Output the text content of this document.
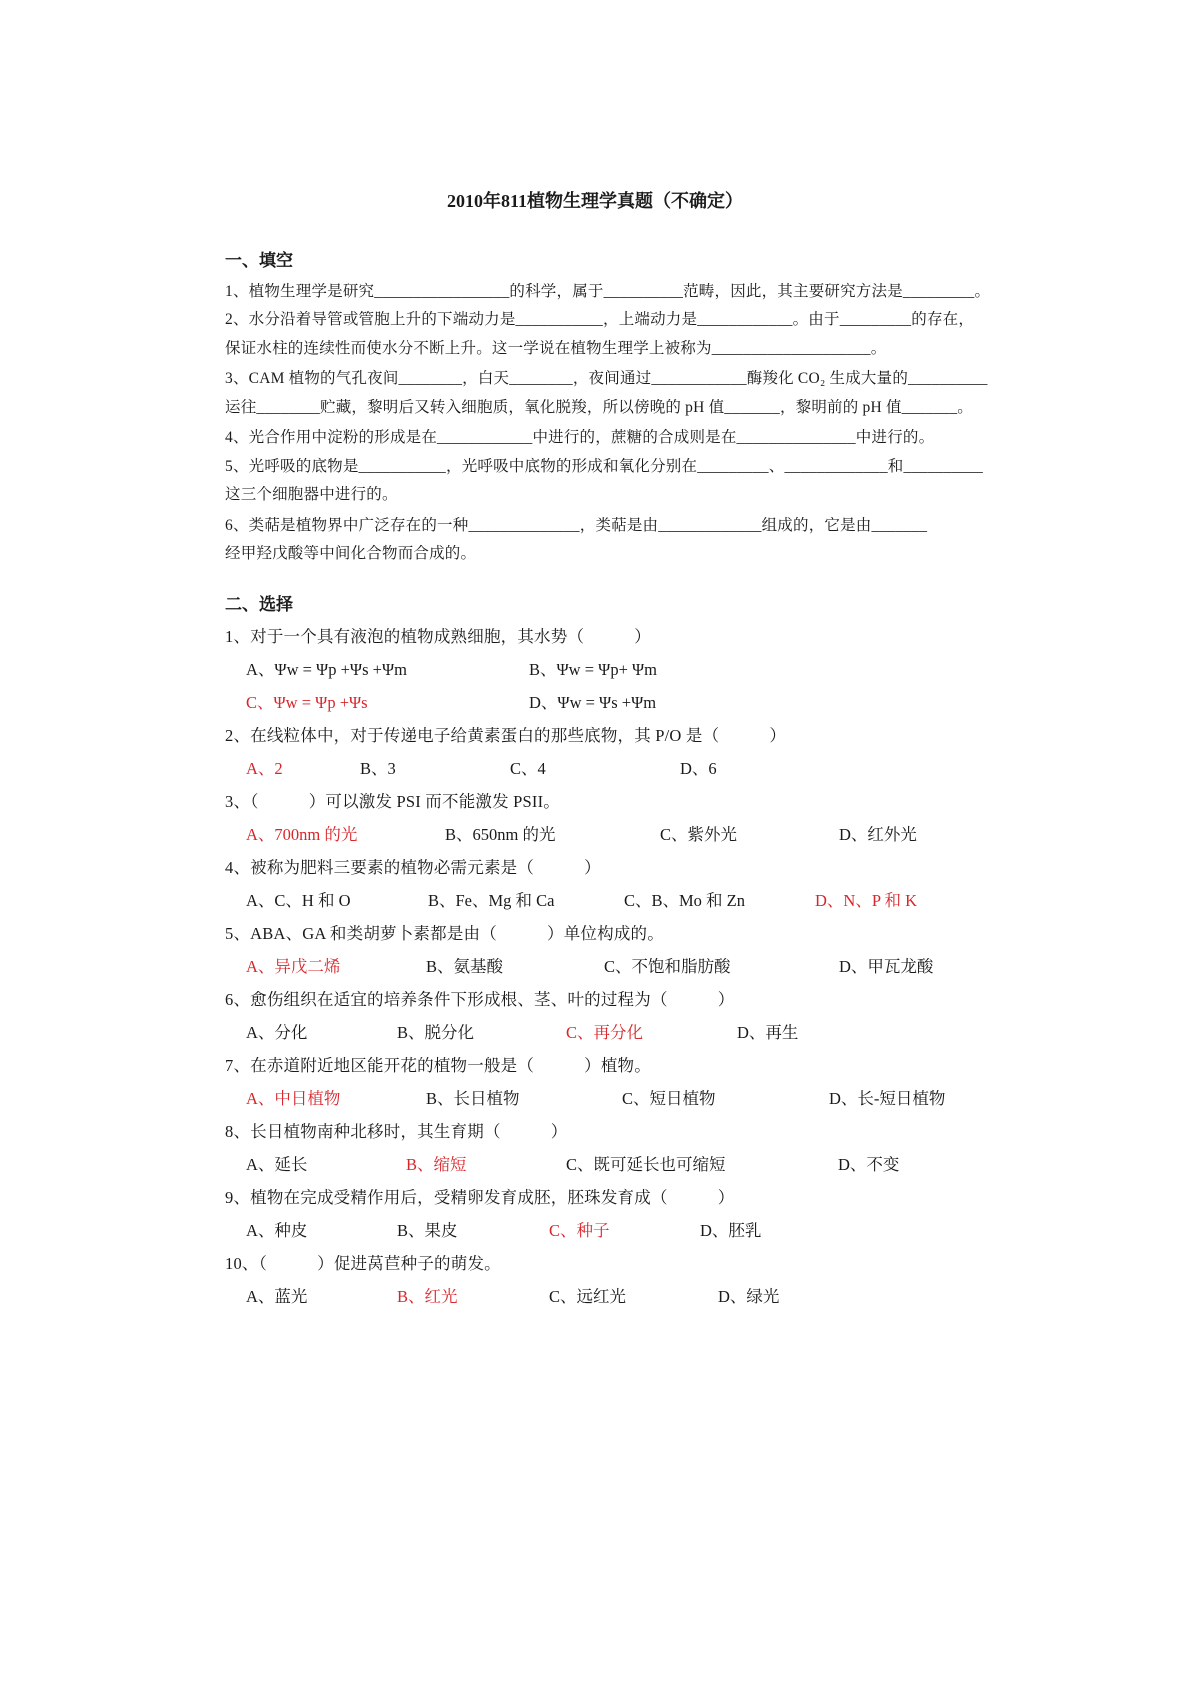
2010年811植物生理学真题（不确定）
一、填空
1、植物生理学是研究_________________的科学，属于__________范畴，因此，其主要研究方法是_________。
2、水分沿着导管或管胞上升的下端动力是___________，上端动力是____________。由于_________的存在，
保证水柱的连续性而使水分不断上升。这一学说在植物生理学上被称为____________________。
3、CAM 植物的气孔夜间________，白天________，夜间通过____________酶羧化 CO₂ 生成大量的__________
运往________贮藏，黎明后又转入细胞质，氧化脱羧，所以傍晚的 pH 值_______，黎明前的 pH 值_______。
4、光合作用中淀粉的形成是在____________中进行的，蔗糖的合成则是在_______________中进行的。
5、光呼吸的底物是___________，光呼吸中底物的形成和氧化分别在_________、_____________和__________
这三个细胞器中进行的。
6、类萜是植物界中广泛存在的一种______________，类萜是由_____________组成的，它是由_______
经甲羟戊酸等中间化合物而合成的。
二、选择
1、对于一个具有液泡的植物成熟细胞，其水势（　　　）
A、Ψw = Ψp +Ψs +Ψm	B、Ψw = Ψp+ Ψm
C、Ψw = Ψp +Ψs	D、Ψw = Ψs +Ψm
2、在线粒体中，对于传递电子给黄素蛋白的那些底物，其 P/O 是（　　　）
A、2	B、3	C、4	D、6
3、（　　　）可以激发 PSI 而不能激发 PSII。
A、700nm 的光	B、650nm 的光	C、紫外光	D、红外光
4、被称为肥料三要素的植物必需元素是（　　　）
A、C、H 和 O	B、Fe、Mg 和 Ca	C、B、Mo 和 Zn	D、N、P 和 K
5、ABA、GA 和类胡萝卜素都是由（　　　）单位构成的。
A、异戊二烯	B、氨基酸	C、不饱和脂肪酸	D、甲瓦龙酸
6、愈伤组织在适宜的培养条件下形成根、茎、叶的过程为（　　　）
A、分化	B、脱分化	C、再分化	D、再生
7、在赤道附近地区能开花的植物一般是（　　　）植物。
A、中日植物	B、长日植物	C、短日植物	D、长-短日植物
8、长日植物南种北移时，其生育期（　　　）
A、延长	B、缩短	C、既可延长也可缩短	D、不变
9、植物在完成受精作用后，受精卵发育成胚，胚珠发育成（　　　）
A、种皮	B、果皮	C、种子	D、胚乳
10、（　　　）促进莴苣种子的萌发。
A、蓝光	B、红光	C、远红光	D、绿光
